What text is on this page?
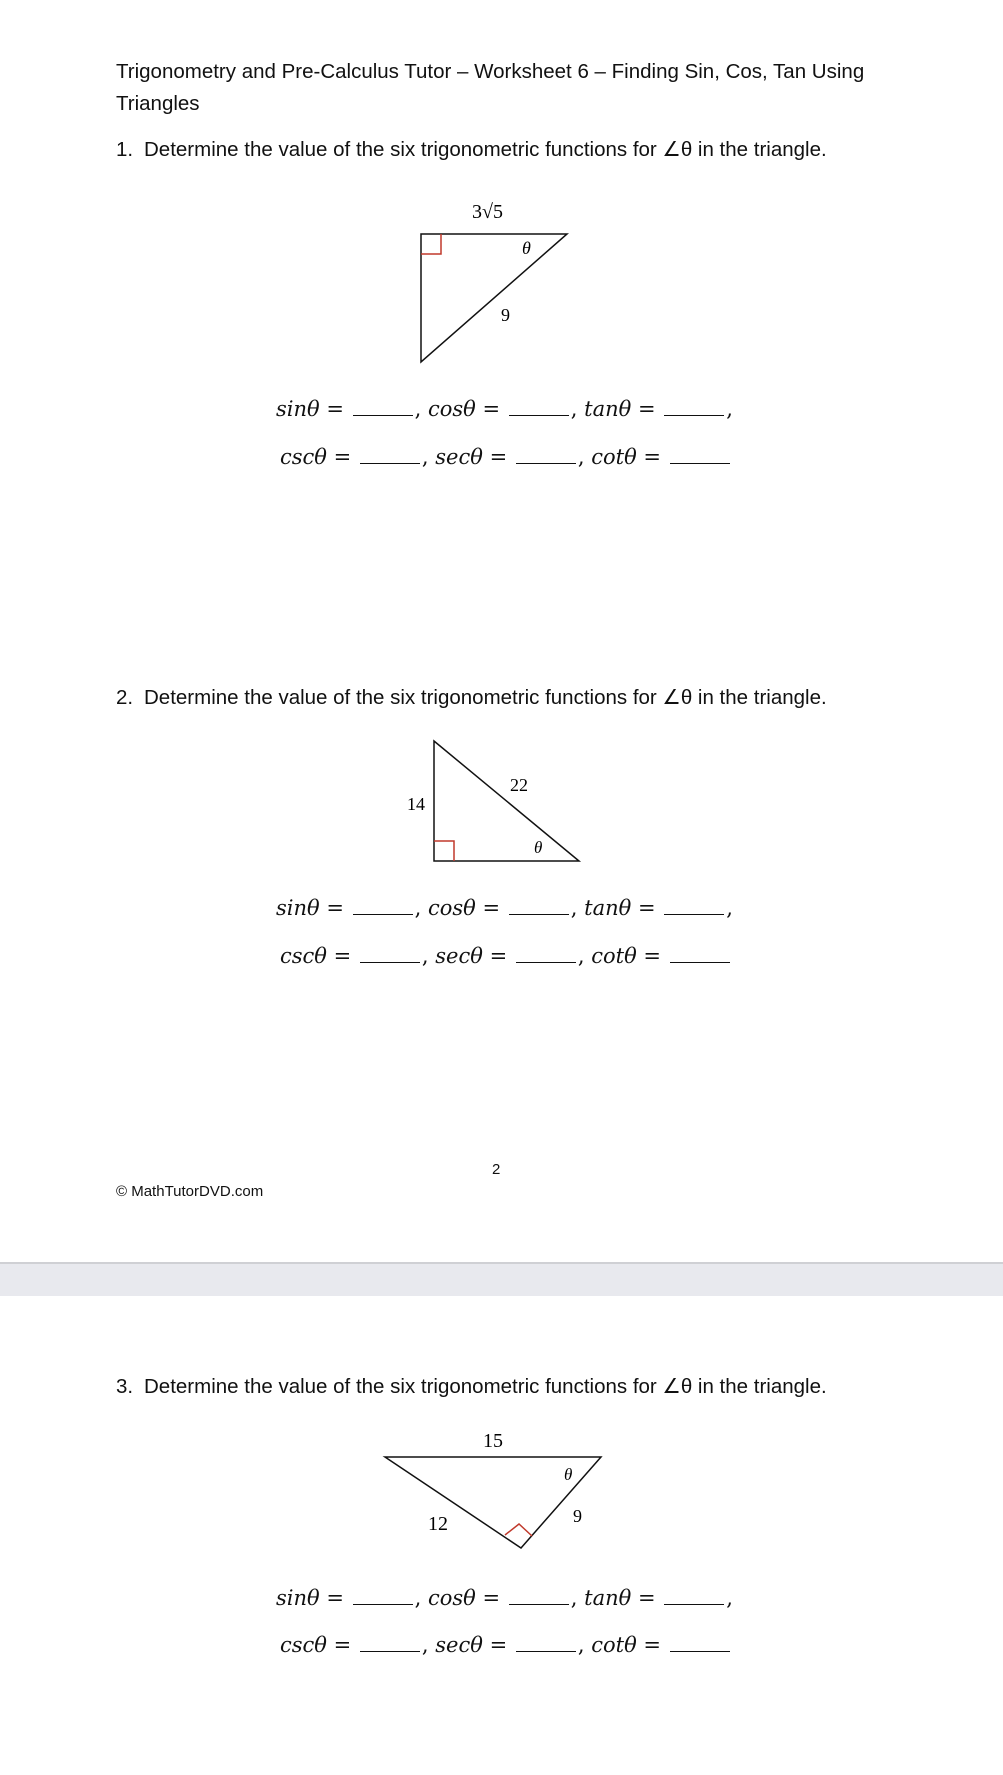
Trigonometry and Pre-Calculus Tutor – Worksheet 6 – Finding Sin, Cos, Tan Using Triangles
1. Determine the value of the six trigonometric functions for ∠θ in the triangle.
3√5
θ
9
sinθ =	, cosθ =	, tanθ =	,
cscθ =	, secθ =	, cotθ =
2. Determine the value of the six trigonometric functions for ∠θ in the triangle.
14
22
θ
sinθ =	, cosθ =	, tanθ =	,
cscθ =	, secθ =	, cotθ =
2
© MathTutorDVD.com
3. Determine the value of the six trigonometric functions for ∠θ in the triangle.
15
θ
9
12
sinθ =	, cosθ =	, tanθ =	,
cscθ =	, secθ =	, cotθ =
